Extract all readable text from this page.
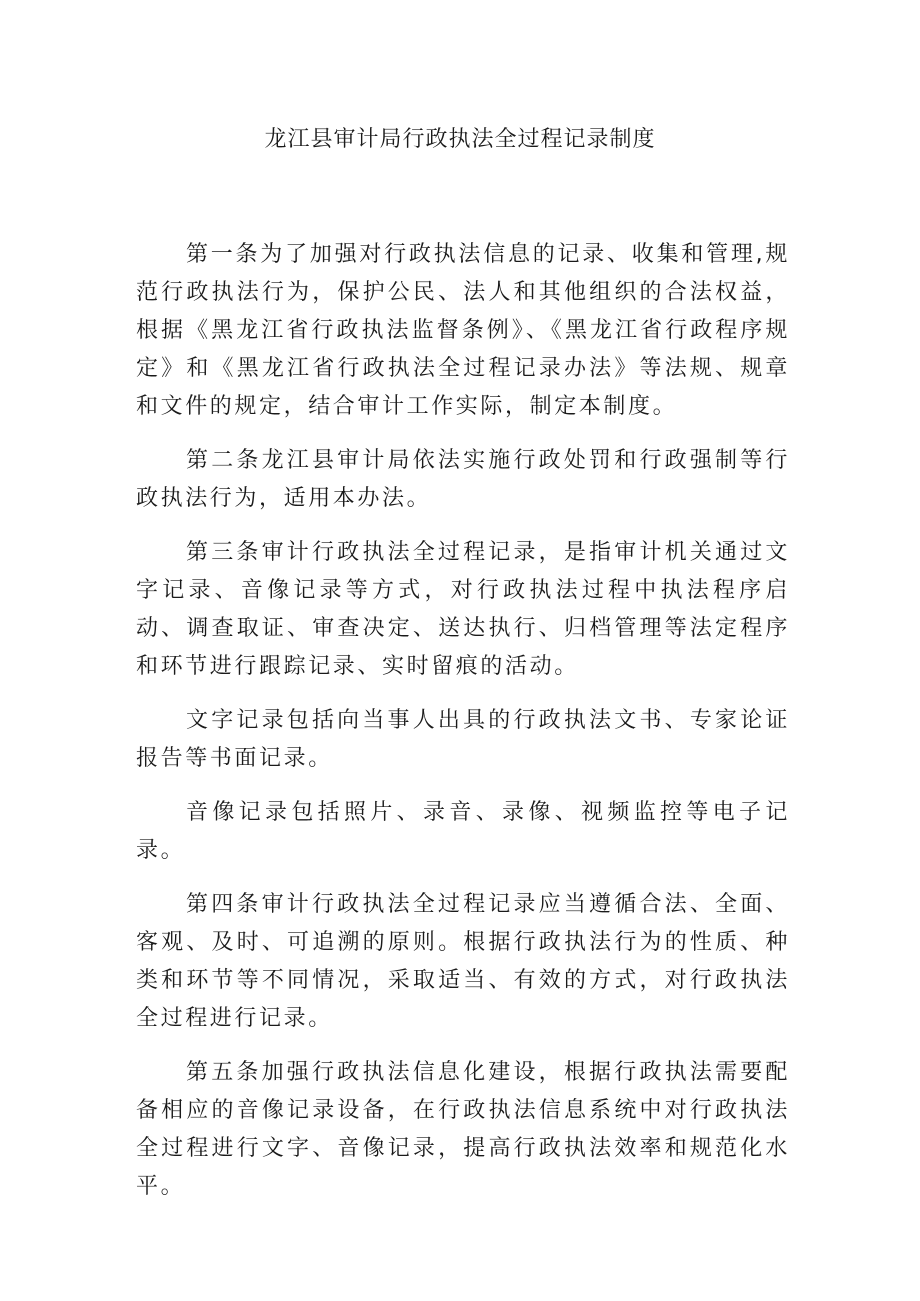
龙江县审计局行政执法全过程记录制度

第一条为了加强对行政执法信息的记录、收集和管理,规范行政执法行为，保护公民、法人和其他组织的合法权益，根据《黑龙江省行政执法监督条例》、《黑龙江省行政程序规定》和《黑龙江省行政执法全过程记录办法》等法规、规章和文件的规定，结合审计工作实际，制定本制度。

第二条龙江县审计局依法实施行政处罚和行政强制等行政执法行为，适用本办法。

第三条审计行政执法全过程记录，是指审计机关通过文字记录、音像记录等方式，对行政执法过程中执法程序启动、调查取证、审查决定、送达执行、归档管理等法定程序和环节进行跟踪记录、实时留痕的活动。

文字记录包括向当事人出具的行政执法文书、专家论证报告等书面记录。

音像记录包括照片、录音、录像、视频监控等电子记录。

第四条审计行政执法全过程记录应当遵循合法、全面、客观、及时、可追溯的原则。根据行政执法行为的性质、种类和环节等不同情况，采取适当、有效的方式，对行政执法全过程进行记录。

第五条加强行政执法信息化建设，根据行政执法需要配备相应的音像记录设备，在行政执法信息系统中对行政执法全过程进行文字、音像记录，提高行政执法效率和规范化水平。
